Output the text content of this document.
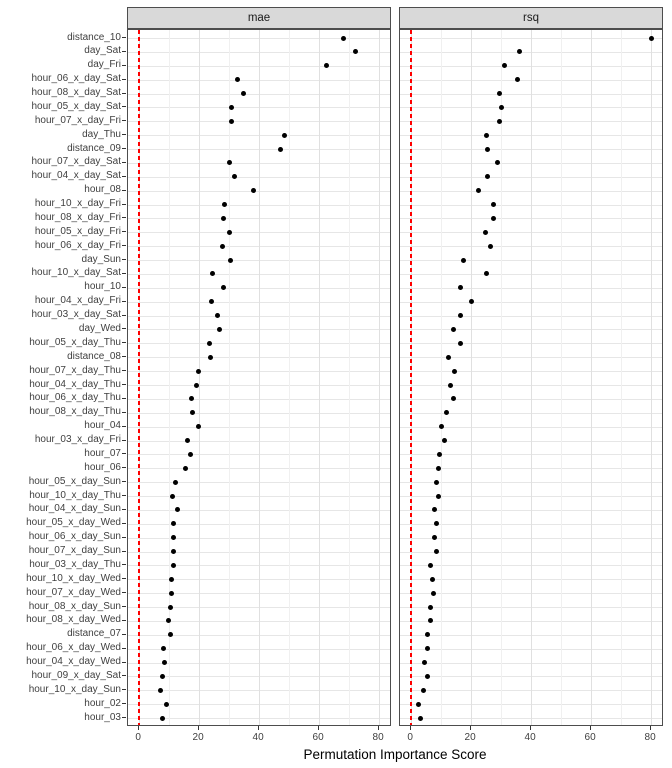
mae	rsq
distance_10
day_Sat
day_Fri
hour_06_x_day_Sat
hour_08_x_day_Sat
hour_05_x_day_Sat
hour_07_x_day_Fri
day_Thu
distance_09
hour_07_x_day_Sat
hour_04_x_day_Sat
hour_08
hour_10_x_day_Fri
hour_08_x_day_Fri
hour_05_x_day_Fri
hour_06_x_day_Fri
day_Sun
hour_10_x_day_Sat
hour_10
hour_04_x_day_Fri
hour_03_x_day_Sat
day_Wed
hour_05_x_day_Thu
distance_08
hour_07_x_day_Thu
hour_04_x_day_Thu
hour_06_x_day_Thu
hour_08_x_day_Thu
hour_04
hour_03_x_day_Fri
hour_07
hour_06
hour_05_x_day_Sun
hour_10_x_day_Thu
hour_04_x_day_Sun
hour_05_x_day_Wed
hour_06_x_day_Sun
hour_07_x_day_Sun
hour_03_x_day_Thu
hour_10_x_day_Wed
hour_07_x_day_Wed
hour_08_x_day_Sun
hour_08_x_day_Wed
distance_07
hour_06_x_day_Wed
hour_04_x_day_Wed
hour_09_x_day_Sat
hour_10_x_day_Sun
hour_02
hour_03
0	20	40	60	80 0	20	40	60	80
Permutation Importance Score
